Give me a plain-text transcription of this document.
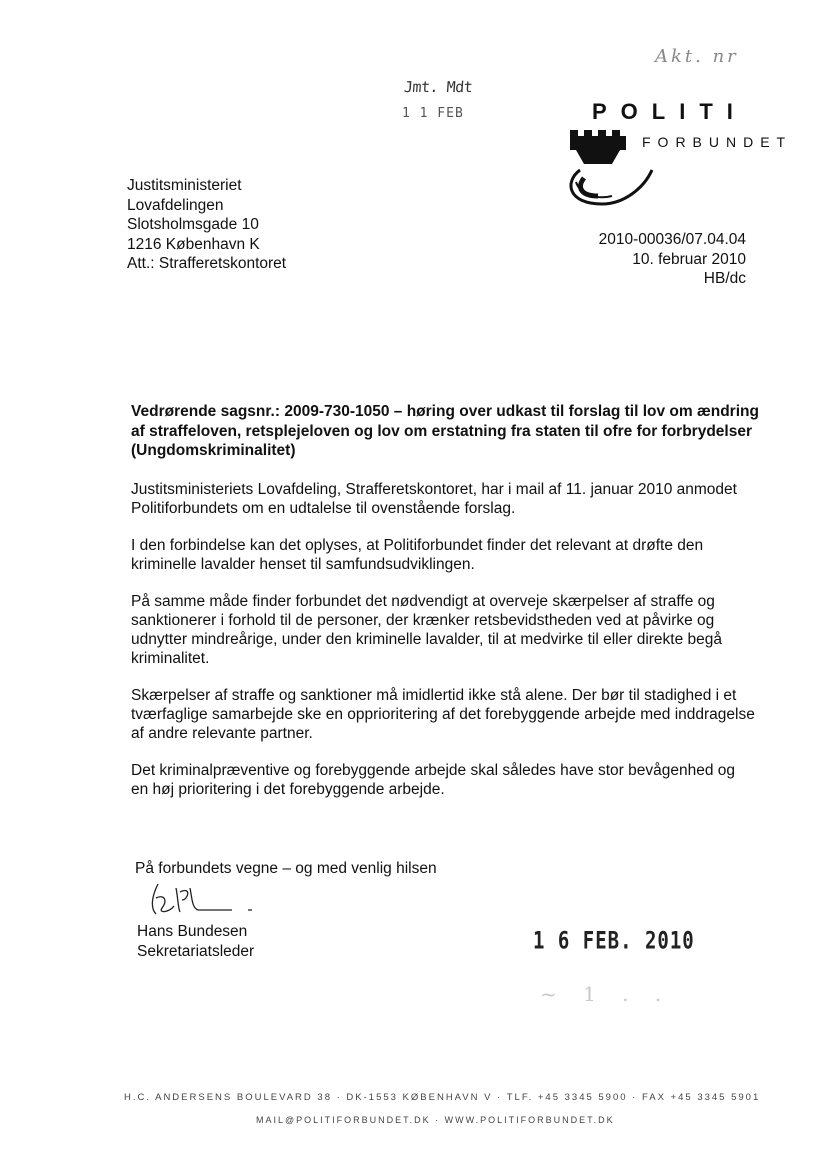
Akt. nr
Jmt. Mdt
1 1 FEB	POLITI
FORBUNDET
Justitsministeriet
Lovafdelingen
Slotsholmsgade 10
1216 København K
Att.: Strafferetskontoret
2010-00036/07.04.04
10. februar 2010
HB/dc
Vedrørende sagsnr.: 2009-730-1050 – høring over udkast til forslag til lov om ændring af straffeloven, retsplejeloven og lov om erstatning fra staten til ofre for forbrydelser (Ungdomskriminalitet)

Justitsministeriets Lovafdeling, Strafferetskontoret, har i mail af 11. januar 2010 anmodet Politiforbundets om en udtalelse til ovenstående forslag.

I den forbindelse kan det oplyses, at Politiforbundet finder det relevant at drøfte den kriminelle lavalder henset til samfundsudviklingen.

På samme måde finder forbundet det nødvendigt at overveje skærpelser af straffe og sanktionerer i forhold til de personer, der krænker retsbevidstheden ved at påvirke og udnytter mindreårige, under den kriminelle lavalder, til at medvirke til eller direkte begå kriminalitet.

Skærpelser af straffe og sanktioner må imidlertid ikke stå alene. Der bør til stadighed i et tværfaglige samarbejde ske en opprioritering af det forebyggende arbejde med inddragelse af andre relevante partner.

Det kriminalpræventive og forebyggende arbejde skal således have stor bevågenhed og en høj prioritering i det forebyggende arbejde.

På forbundets vegne – og med venlig hilsen
Hans Bundesen
Sekretariatsleder	1 6 FEB. 2010
~ 1 . .
H.C. ANDERSENS BOULEVARD 38 · DK-1553 KØBENHAVN V · TLF. +45 3345 5900 · FAX +45 3345 5901
MAIL@POLITIFORBUNDET.DK · WWW.POLITIFORBUNDET.DK
